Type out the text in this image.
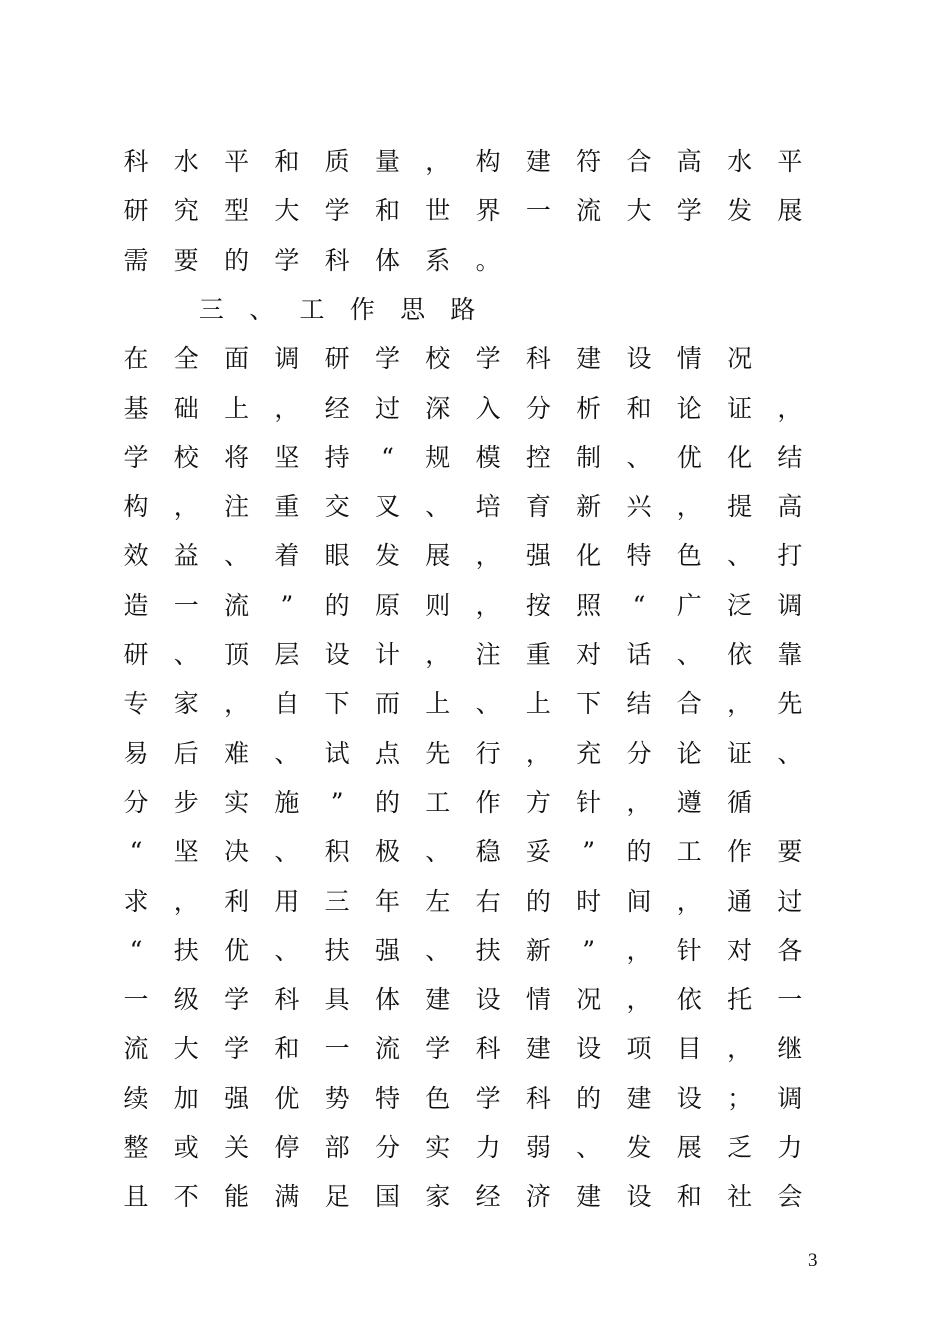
科	水	平	和	质	量	，	构	建	符	合	高	水	平
研	究	型	大	学	和	世	界	一	流	大	学	发	展
需	要	的	学	科	体	系	。
三	、	工	作	思	路
在	全	面	调	研	学	校	学	科	建	设	情	况
基	础	上	，	经	过	深	入	分	析	和	论	证	，
学	校	将	坚	持	“	规	模	控	制	、	优	化	结
构	，	注	重	交	叉	、	培	育	新	兴	，	提	高
效	益	、	着	眼	发	展	，	强	化	特	色	、	打
造	一	流	”	的	原	则	，	按	照	“	广	泛	调
研	、	顶	层	设	计	，	注	重	对	话	、	依	靠
专	家	，	自	下	而	上	、	上	下	结	合	，	先
易	后	难	、	试	点	先	行	，	充	分	论	证	、
分	步	实	施	”	的	工	作	方	针	，	遵	循
“	坚	决	、	积	极	、	稳	妥	”	的	工	作	要
求	，	利	用	三	年	左	右	的	时	间	，	通	过
“	扶	优	、	扶	强	、	扶	新	”	，	针	对	各
一	级	学	科	具	体	建	设	情	况	，	依	托	一
流	大	学	和	一	流	学	科	建	设	项	目	，	继
续	加	强	优	势	特	色	学	科	的	建	设	；	调
整	或	关	停	部	分	实	力	弱	、	发	展	乏	力
且	不	能	满	足	国	家	经	济	建	设	和	社	会
3
